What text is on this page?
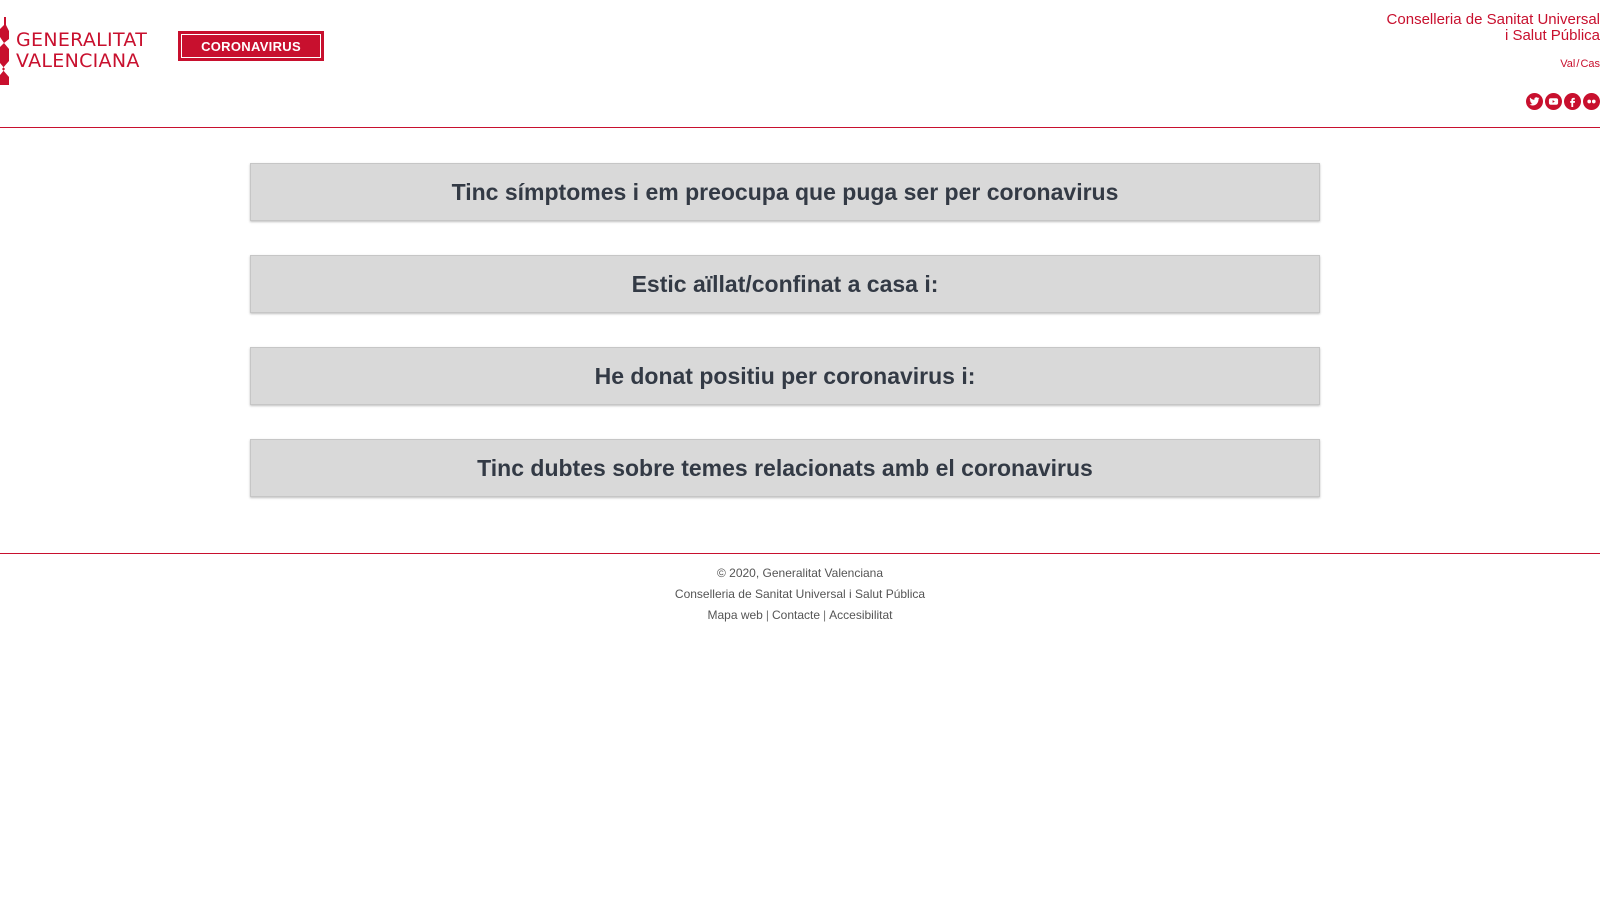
GENERALITAT
VALENCIANA
CORONAVIRUS
Conselleria de Sanitat Universal
i Salut Pública
Val / Cas
Tinc símptomes i em preocupa que puga ser per coronavirus
Estic aïllat/confinat a casa i:
He donat positiu per coronavirus i:
Tinc dubtes sobre temes relacionats amb el coronavirus
© 2020, Generalitat Valenciana
Conselleria de Sanitat Universal i Salut Pública
Mapa web | Contacte | Accesibilitat
